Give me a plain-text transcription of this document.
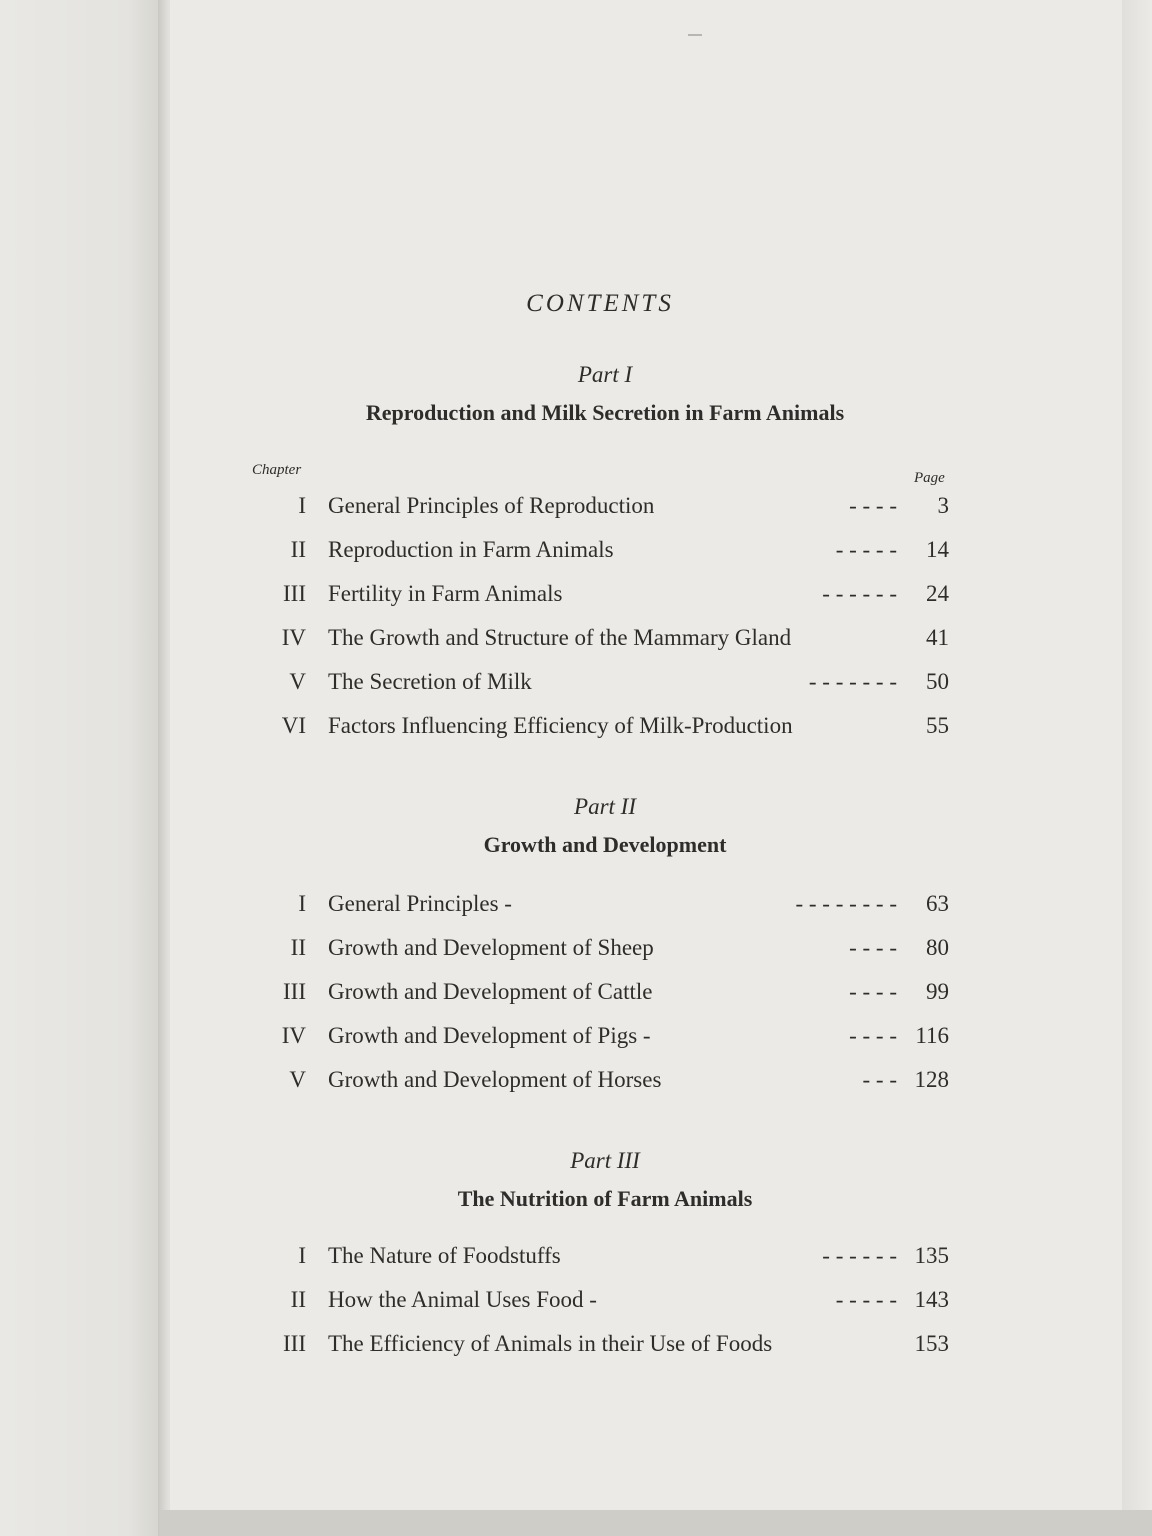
CONTENTS
Part I
Reproduction and Milk Secretion in Farm Animals
Chapter	Page
I General Principles of Reproduction	- - - -	3
II Reproduction in Farm Animals	- - - - -	14
III Fertility in Farm Animals	- - - - - -	24
IV The Growth and Structure of the Mammary Gland	41
V The Secretion of Milk	- - - - - - -	50
VI Factors Influencing Efficiency of Milk-Production	55
Part II
Growth and Development
I General Principles -	- - - - - - - -	63
II Growth and Development of Sheep	- - - -	80
III Growth and Development of Cattle	- - - -	99
IV Growth and Development of Pigs -	- - - - 116
V Growth and Development of Horses	- - - 128
Part III
The Nutrition of Farm Animals
I The Nature of Foodstuffs	- - - - - - 135
II How the Animal Uses Food -	- - - - - 143
III The Efficiency of Animals in their Use of Foods	153
